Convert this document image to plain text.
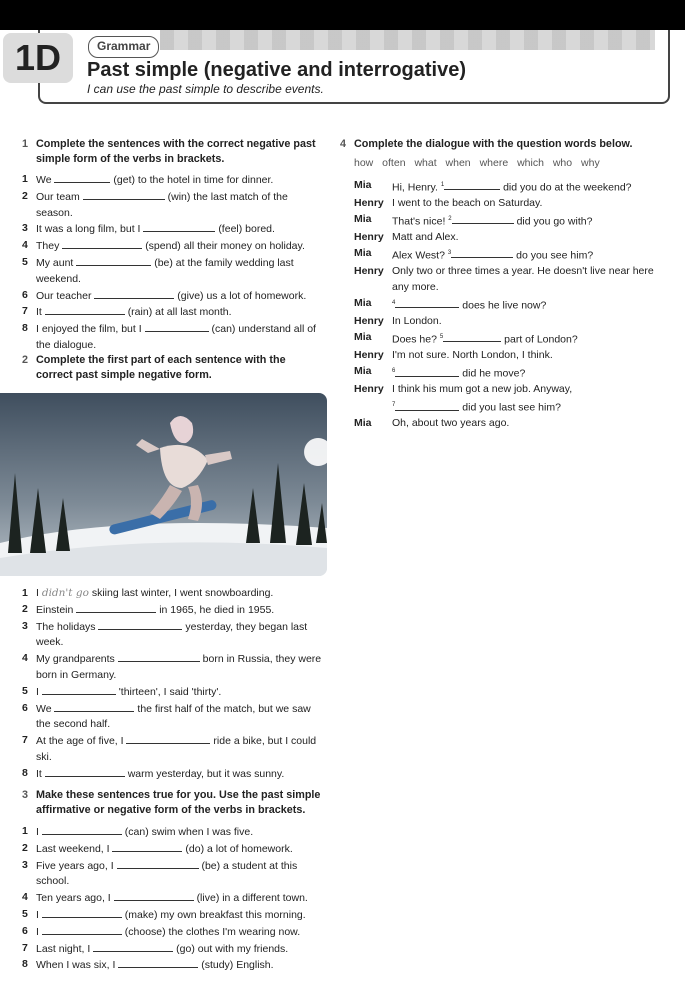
1D	Grammar
Past simple (negative and interrogative)
I can use the past simple to describe events.
1 Complete the sentences with the correct negative past simple form of the verbs in brackets.
1 We	(get) to the hotel in time for dinner.
2 Our team	(win) the last match of the season.
3 It was a long film, but I	(feel) bored.
4 They	(spend) all their money on holiday.
5 My aunt	(be) at the family wedding last weekend.
6 Our teacher	(give) us a lot of homework.
7 It	(rain) at all last month.
8 I enjoyed the film, but I	(can) understand all of the dialogue.
2 Complete the first part of each sentence with the correct past simple negative form.
1 I didn't go skiing last winter, I went snowboarding.
2 Einstein	in 1965, he died in 1955.
3 The holidays	yesterday, they began last week.
4 My grandparents	born in Russia, they were born in Germany.
5 I	'thirteen', I said 'thirty'.
6 We	the first half of the match, but we saw the second half.
7 At the age of five, I	ride a bike, but I could ski.
8 It	warm yesterday, but it was sunny.
3 Make these sentences true for you. Use the past simple affirmative or negative form of the verbs in brackets.
1 I	(can) swim when I was five.
2 Last weekend, I	(do) a lot of homework.
3 Five years ago, I	(be) a student at this school.
4 Ten years ago, I	(live) in a different town.
5 I	(make) my own breakfast this morning.
6 I	(choose) the clothes I'm wearing now.
7 Last night, I	(go) out with my friends.
8 When I was six, I	(study) English.
4 Complete the dialogue with the question words below.
how often what when where which who why
Mia	Hi, Henry. $^1$	did you do at the weekend?
Henry I went to the beach on Saturday.
Mia	That's nice! $^2$	did you go with?
Henry Matt and Alex.
Mia	Alex West? $^3$	do you see him?
Henry Only two or three times a year. He doesn't live near here any more.
Mia	$^4$	does he live now?
Henry In London.
Mia	Does he? $^5$	part of London?
Henry I'm not sure. North London, I think.
Mia	$^6$	did he move?
Henry I think his mum got a new job. Anyway,
$^7$	did you last see him?
Mia	Oh, about two years ago.
